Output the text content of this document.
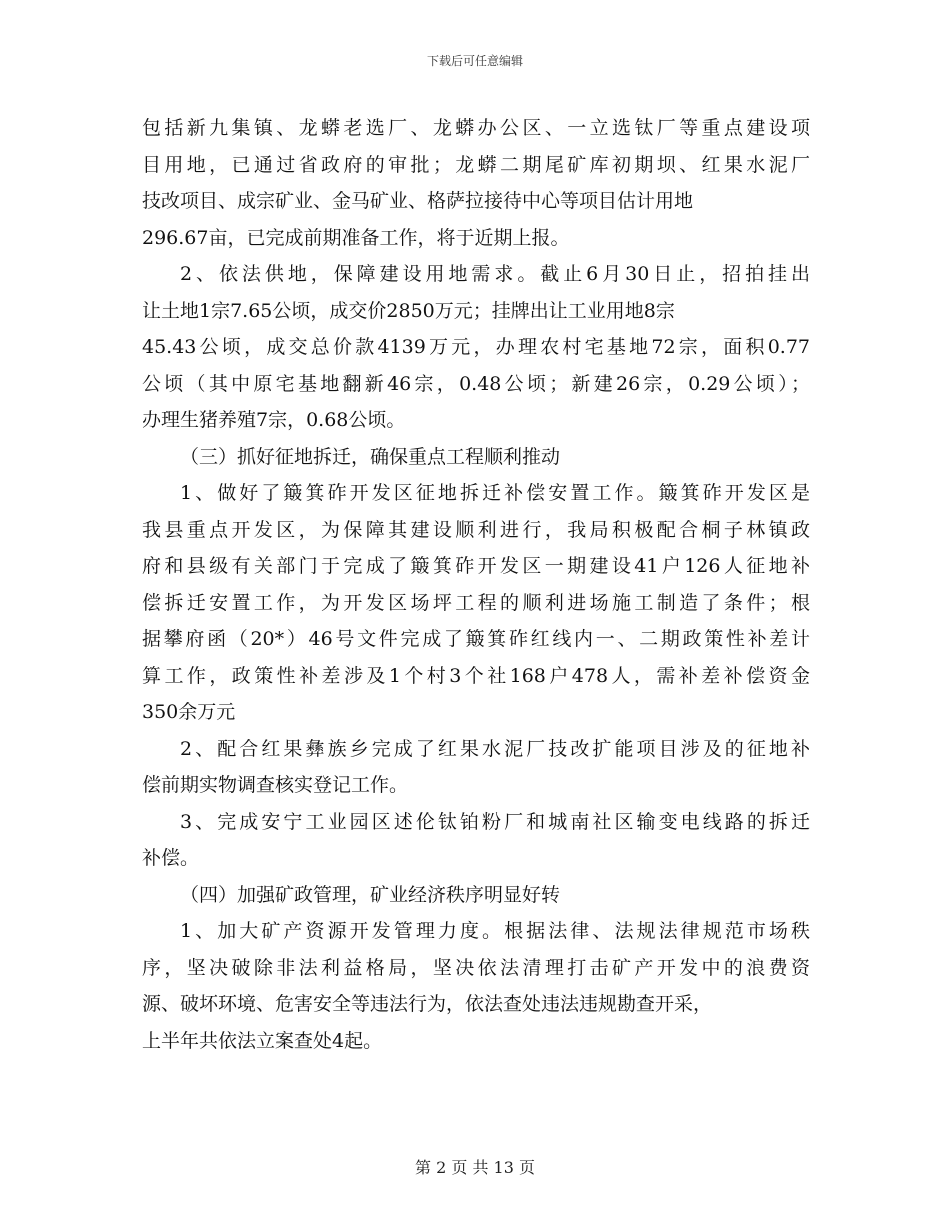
下载后可任意编辑
包括新九集镇、龙蟒老选厂、龙蟒办公区、一立选钛厂等重点建设项
目用地，已通过省政府的审批；龙蟒二期尾矿库初期坝、红果水泥厂
技改项目、成宗矿业、金马矿业、格萨拉接待中心等项目估计用地
296.67亩，已完成前期准备工作，将于近期上报。
2、依法供地，保障建设用地需求。截止6月30日止，招拍挂出
让土地1宗7.65公顷，成交价2850万元；挂牌出让工业用地8宗
45.43公顷，成交总价款4139万元，办理农村宅基地72宗，面积0.77
公顷（其中原宅基地翻新46宗，0.48公顷；新建26宗，0.29公顷）；
办理生猪养殖7宗，0.68公顷。
（三）抓好征地拆迁，确保重点工程顺利推动
1、做好了簸箕砟开发区征地拆迁补偿安置工作。簸箕砟开发区是
我县重点开发区，为保障其建设顺利进行，我局积极配合桐子林镇政
府和县级有关部门于完成了簸箕砟开发区一期建设41户126人征地补
偿拆迁安置工作，为开发区场坪工程的顺利进场施工制造了条件；根
据攀府函（20*）46号文件完成了簸箕砟红线内一、二期政策性补差计
算工作，政策性补差涉及1个村3个社168户478人，需补差补偿资金
350余万元
2、配合红果彝族乡完成了红果水泥厂技改扩能项目涉及的征地补
偿前期实物调查核实登记工作。
3、完成安宁工业园区述伦钛铂粉厂和城南社区输变电线路的拆迁
补偿。
（四）加强矿政管理，矿业经济秩序明显好转
1、加大矿产资源开发管理力度。根据法律、法规法律规范市场秩
序，坚决破除非法利益格局，坚决依法清理打击矿产开发中的浪费资
源、破坏环境、危害安全等违法行为，依法查处违法违规勘查开采，
上半年共依法立案查处4起。
第 2 页 共 13 页
